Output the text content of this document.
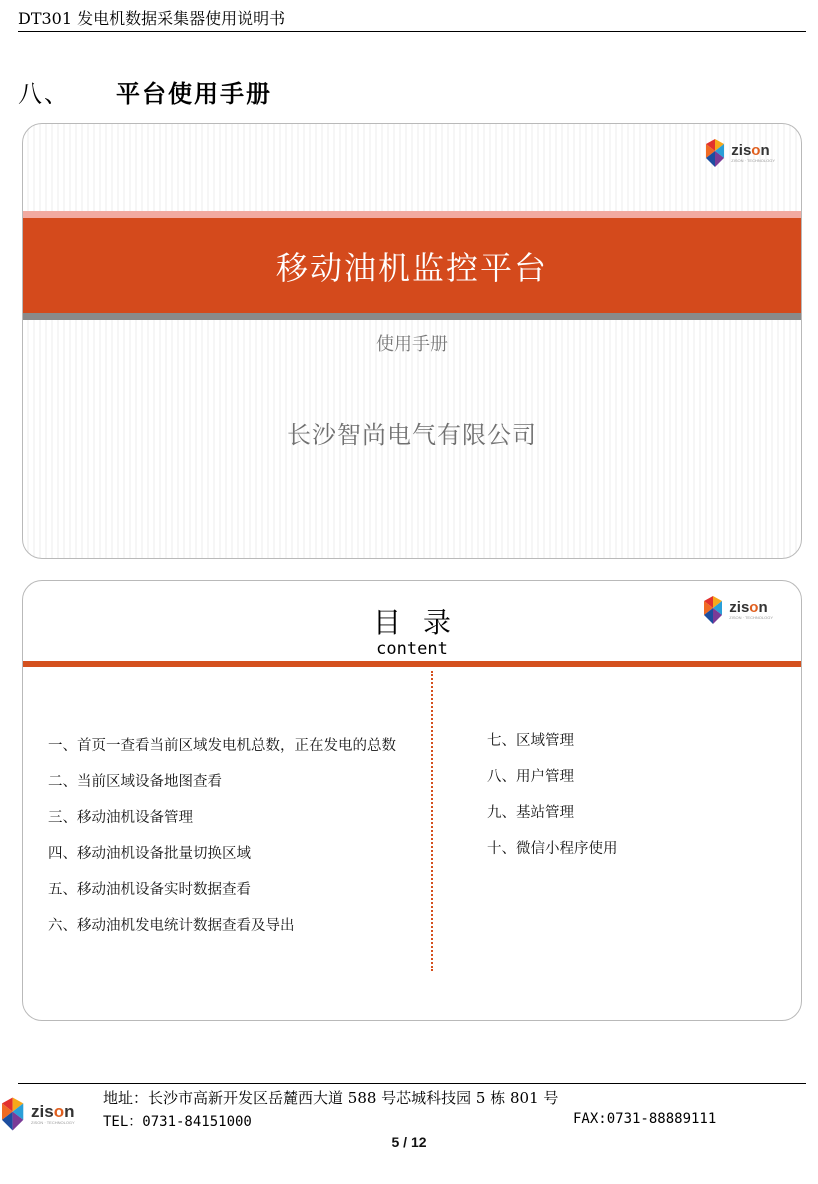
DT301 发电机数据采集器使用说明书
八、 平台使用手册
zison
ZISON · TECHNOLOGY
移动油机监控平台
使用手册
长沙智尚电气有限公司
zison
ZISON · TECHNOLOGY
目录
content
一、首页一查看当前区域发电机总数，正在发电的总数
二、当前区域设备地图查看
三、移动油机设备管理
四、移动油机设备批量切换区域
五、移动油机设备实时数据查看
六、移动油机发电统计数据查看及导出
七、区域管理
八、用户管理
九、基站管理
十、微信小程序使用
zison
ZISON · TECHNOLOGY
地址：长沙市高新开发区岳麓西大道 588 号芯城科技园 5 栋 801 号
TEL：0731-84151000	FAX:0731-88889111
5 / 12
